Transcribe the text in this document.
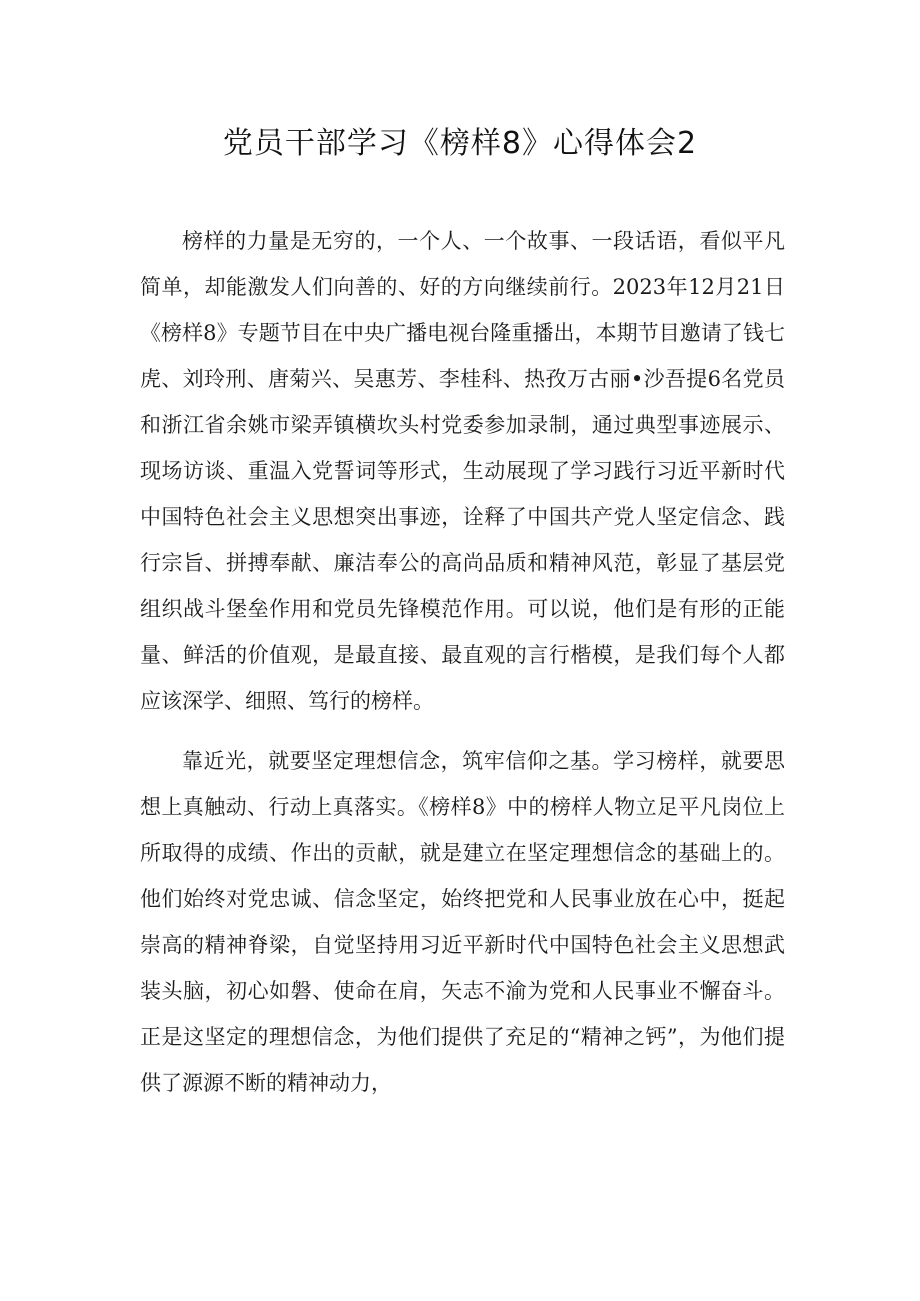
党员干部学习《榜样8》心得体会2

榜样的力量是无穷的，一个人、一个故事、一段话语，看似平凡简单，却能激发人们向善的、好的方向继续前行。2023年12月21日《榜样8》专题节目在中央广播电视台隆重播出，本期节目邀请了钱七虎、刘玲刑、唐菊兴、吴惠芳、李桂科、热孜万古丽•沙吾提6名党员和浙江省余姚市梁弄镇横坎头村党委参加录制，通过典型事迹展示、现场访谈、重温入党誓词等形式，生动展现了学习践行习近平新时代中国特色社会主义思想突出事迹，诠释了中国共产党人坚定信念、践行宗旨、拼搏奉献、廉洁奉公的高尚品质和精神风范，彰显了基层党组织战斗堡垒作用和党员先锋模范作用。可以说，他们是有形的正能量、鲜活的价值观，是最直接、最直观的言行楷模，是我们每个人都应该深学、细照、笃行的榜样。

靠近光，就要坚定理想信念，筑牢信仰之基。学习榜样，就要思想上真触动、行动上真落实。《榜样8》中的榜样人物立足平凡岗位上所取得的成绩、作出的贡献，就是建立在坚定理想信念的基础上的。他们始终对党忠诚、信念坚定，始终把党和人民事业放在心中，挺起崇高的精神脊梁，自觉坚持用习近平新时代中国特色社会主义思想武装头脑，初心如磐、使命在肩，矢志不渝为党和人民事业不懈奋斗。正是这坚定的理想信念，为他们提供了充足的“精神之钙”，为他们提供了源源不断的精神动力，
